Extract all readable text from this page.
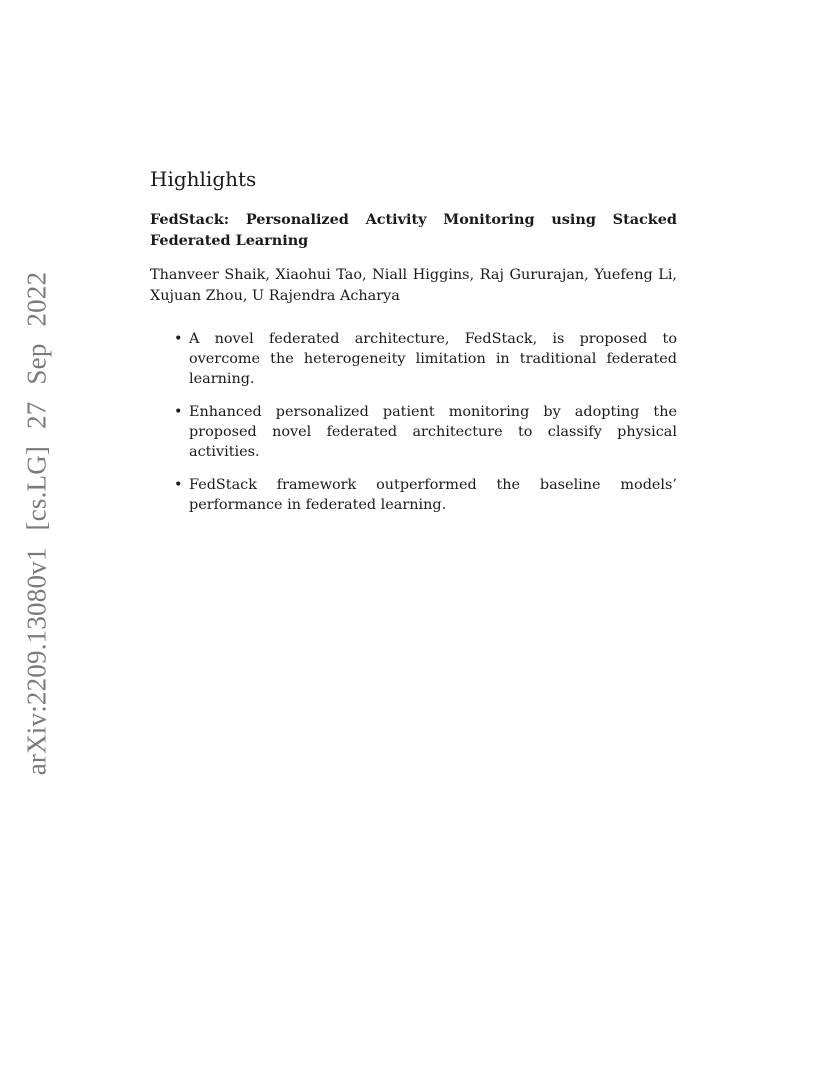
arXiv:2209.13080v1 [cs.LG] 27 Sep 2022
Highlights
FedStack: Personalized Activity Monitoring using Stacked Federated Learning
Thanveer Shaik, Xiaohui Tao, Niall Higgins, Raj Gururajan, Yuefeng Li, Xujuan Zhou, U Rajendra Acharya
• A novel federated architecture, FedStack, is proposed to overcome the heterogeneity limitation in traditional federated learning.
• Enhanced personalized patient monitoring by adopting the proposed novel federated architecture to classify physical activities.
• FedStack framework outperformed the baseline models’ performance in federated learning.
